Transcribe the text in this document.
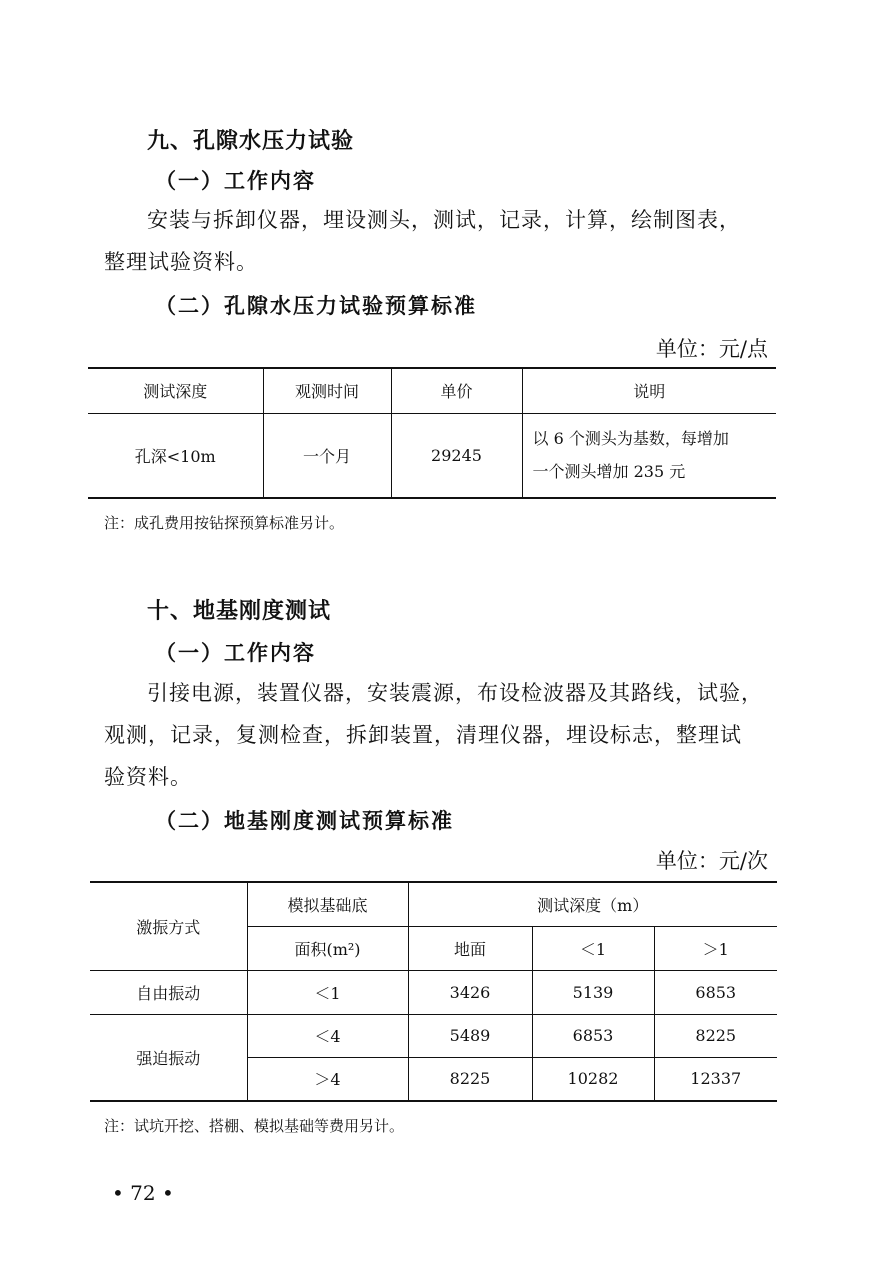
九、孔隙水压力试验
（一）工作内容
安装与拆卸仪器，埋设测头，测试，记录，计算，绘制图表，
整理试验资料。
（二）孔隙水压力试验预算标准
单位：元/点
测试深度	观测时间	单价	说明
孔深<10m	一个月	29245	以 6 个测头为基数，每增加
一个测头增加 235 元
注：成孔费用按钻探预算标准另计。
十、地基刚度测试
（一）工作内容
引接电源，装置仪器，安装震源，布设检波器及其路线，试验，
观测，记录，复测检查，拆卸装置，清理仪器，埋设标志，整理试
验资料。
（二）地基刚度测试预算标准
单位：元/次
激振方式	模拟基础底	测试深度（m）		
	面积(m²)	地面	＜1	＞1
自由振动	＜1	3426	5139	6853
强迫振动	＜4	5489	6853	8225
	＞4	8225	10282	12337
注：试坑开挖、搭棚、模拟基础等费用另计。
• 72 •
